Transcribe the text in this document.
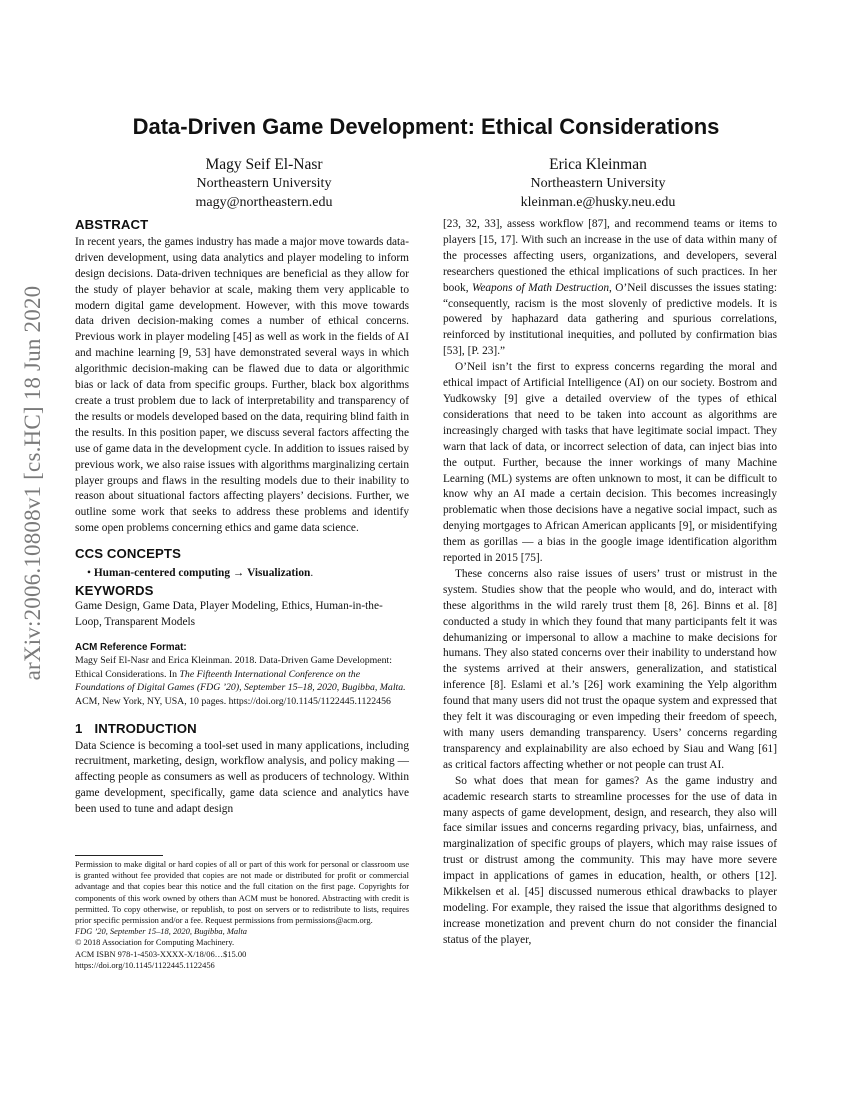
arXiv:2006.10808v1 [cs.HC] 18 Jun 2020
Data-Driven Game Development: Ethical Considerations
Magy Seif El-Nasr
Northeastern University
magy@northeastern.edu
Erica Kleinman
Northeastern University
kleinman.e@husky.neu.edu
ABSTRACT

In recent years, the games industry has made a major move towards data-driven development, using data analytics and player modeling to inform design decisions. Data-driven techniques are beneficial as they allow for the study of player behavior at scale, making them very applicable to modern digital game development. However, with this move towards data driven decision-making comes a number of ethical concerns. Previous work in player modeling [45] as well as work in the fields of AI and machine learning [9, 53] have demonstrated several ways in which algorithmic decision-making can be flawed due to data or algorithmic bias or lack of data from specific groups. Further, black box algorithms create a trust problem due to lack of interpretability and transparency of the results or models developed based on the data, requiring blind faith in the results. In this position paper, we discuss several factors affecting the use of game data in the development cycle. In addition to issues raised by previous work, we also raise issues with algorithms marginalizing certain player groups and flaws in the resulting models due to their inability to reason about situational factors affecting players’ decisions. Further, we outline some work that seeks to address these problems and identify some open problems concerning ethics and game data science.

CCS CONCEPTS
• Human-centered computing → Visualization.
KEYWORDS

Game Design, Game Data, Player Modeling, Ethics, Human-in-the-Loop, Transparent Models

ACM Reference Format:
Magy Seif El-Nasr and Erica Kleinman. 2018. Data-Driven Game Development: Ethical Considerations. In The Fifteenth International Conference on the Foundations of Digital Games (FDG ’20), September 15–18, 2020, Bugibba, Malta. ACM, New York, NY, USA, 10 pages. https://doi.org/10.1145/1122445.1122456
1 INTRODUCTION

Data Science is becoming a tool-set used in many applications, including recruitment, marketing, design, workflow analysis, and policy making — affecting people as consumers as well as producers of technology. Within game development, specifically, game data science and analytics have been used to tune and adapt design

Permission to make digital or hard copies of all or part of this work for personal or classroom use is granted without fee provided that copies are not made or distributed for profit or commercial advantage and that copies bear this notice and the full citation on the first page. Copyrights for components of this work owned by others than ACM must be honored. Abstracting with credit is permitted. To copy otherwise, or republish, to post on servers or to redistribute to lists, requires prior specific permission and/or a fee. Request permissions from permissions@acm.org.
FDG ’20, September 15–18, 2020, Bugibba, Malta
© 2018 Association for Computing Machinery.
ACM ISBN 978-1-4503-XXXX-X/18/06…$15.00
https://doi.org/10.1145/1122445.1122456

[23, 32, 33], assess workflow [87], and recommend teams or items to players [15, 17]. With such an increase in the use of data within many of the processes affecting users, organizations, and developers, several researchers questioned the ethical implications of such practices. In her book, Weapons of Math Destruction, O’Neil discusses the issues stating: “consequently, racism is the most slovenly of predictive models. It is powered by haphazard data gathering and spurious correlations, reinforced by institutional inequities, and polluted by confirmation bias [53], [P. 23].”

O’Neil isn’t the first to express concerns regarding the moral and ethical impact of Artificial Intelligence (AI) on our society. Bostrom and Yudkowsky [9] give a detailed overview of the types of ethical considerations that need to be taken into account as algorithms are increasingly charged with tasks that have legitimate social impact. They warn that lack of data, or incorrect selection of data, can inject bias into the output. Further, because the inner workings of many Machine Learning (ML) systems are often unknown to most, it can be difficult to know why an AI made a certain decision. This becomes increasingly problematic when those decisions have a negative social impact, such as denying mortgages to African American applicants [9], or misidentifying them as gorillas — a bias in the google image identification algorithm reported in 2015 [75].

These concerns also raise issues of users’ trust or mistrust in the system. Studies show that the people who would, and do, interact with these algorithms in the wild rarely trust them [8, 26]. Binns et al. [8] conducted a study in which they found that many participants felt it was dehumanizing or impersonal to allow a machine to make decisions for humans. They also stated concerns over their inability to understand how the systems arrived at their answers, generalization, and statistical inference [8]. Eslami et al.’s [26] work examining the Yelp algorithm found that many users did not trust the opaque system and expressed that they felt it was discouraging or even impeding their freedom of speech, with many users demanding transparency. Users’ concerns regarding transparency and explainability are also echoed by Siau and Wang [61] as critical factors affecting whether or not people can trust AI.

So what does that mean for games? As the game industry and academic research starts to streamline processes for the use of data in many aspects of game development, design, and research, they also will face similar issues and concerns regarding privacy, bias, unfairness, and marginalization of specific groups of players, which may raise issues of trust or distrust among the community. This may have more severe impact in applications of games in education, health, or others [12]. Mikkelsen et al. [45] discussed numerous ethical drawbacks to player modeling. For example, they raised the issue that algorithms designed to increase monetization and prevent churn do not consider the financial status of the player,
